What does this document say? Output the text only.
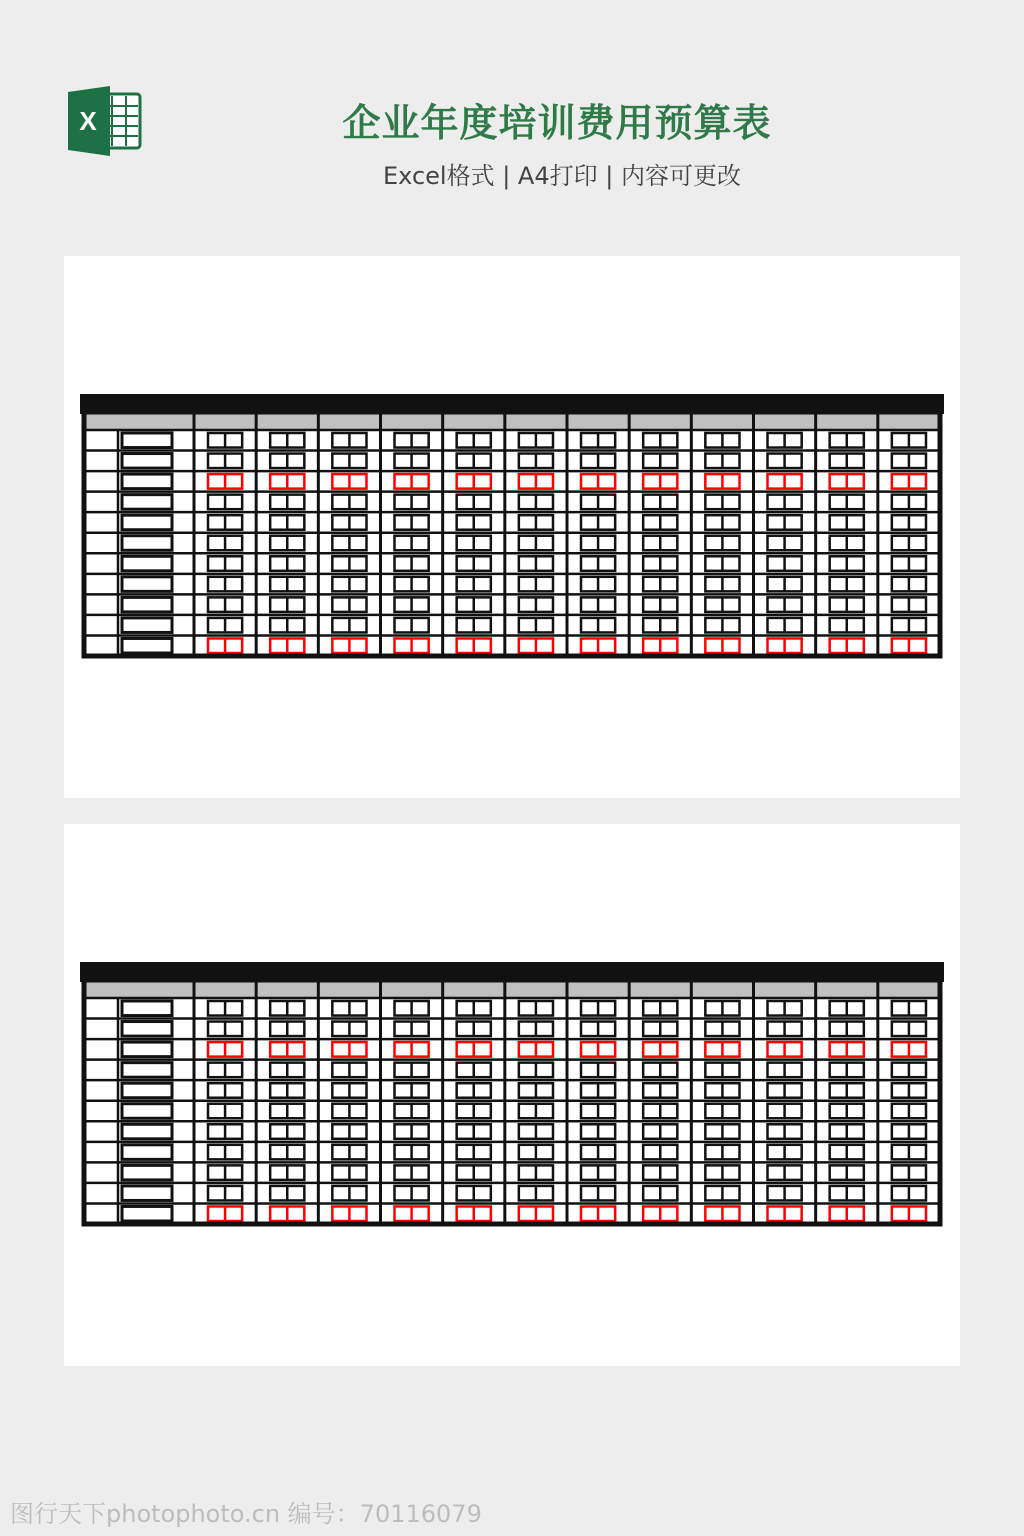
X	企业年度培训费用预算表
Excel格式 | A4打印 | 内容可更改
图行天下photophoto.cn 编号：70116079
